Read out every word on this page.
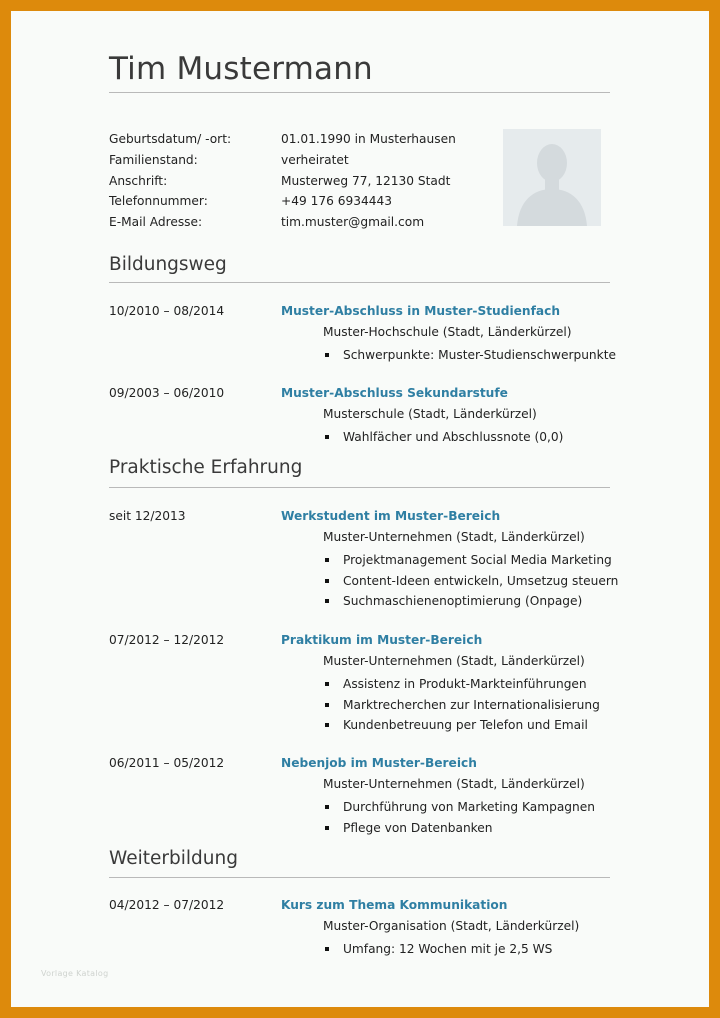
Tim Mustermann
Geburtsdatum/ -ort:	01.01.1990 in Musterhausen
Familienstand:	verheiratet
Anschrift:	Musterweg 77, 12130 Stadt
Telefonnummer:	+49 176 6934443
E-Mail Adresse:	tim.muster@gmail.com
Bildungsweg
10/2010 – 08/2014	Muster-Abschluss in Muster-Studienfach
Muster-Hochschule (Stadt, Länderkürzel)
Schwerpunkte: Muster-Studienschwerpunkte
09/2003 – 06/2010	Muster-Abschluss Sekundarstufe
Musterschule (Stadt, Länderkürzel)
Wahlfächer und Abschlussnote (0,0)
Praktische Erfahrung
seit 12/2013	Werkstudent im Muster-Bereich
Muster-Unternehmen (Stadt, Länderkürzel)
Projektmanagement Social Media Marketing
Content-Ideen entwickeln, Umsetzug steuern
Suchmaschienenoptimierung (Onpage)
07/2012 – 12/2012	Praktikum im Muster-Bereich
Muster-Unternehmen (Stadt, Länderkürzel)
Assistenz in Produkt-Markteinführungen
Marktrecherchen zur Internationalisierung
Kundenbetreuung per Telefon und Email
06/2011 – 05/2012	Nebenjob im Muster-Bereich
Muster-Unternehmen (Stadt, Länderkürzel)
Durchführung von Marketing Kampagnen
Pflege von Datenbanken
Weiterbildung
04/2012 – 07/2012	Kurs zum Thema Kommunikation
Muster-Organisation (Stadt, Länderkürzel)
Umfang: 12 Wochen mit je 2,5 WS
Vorlage Katalog
